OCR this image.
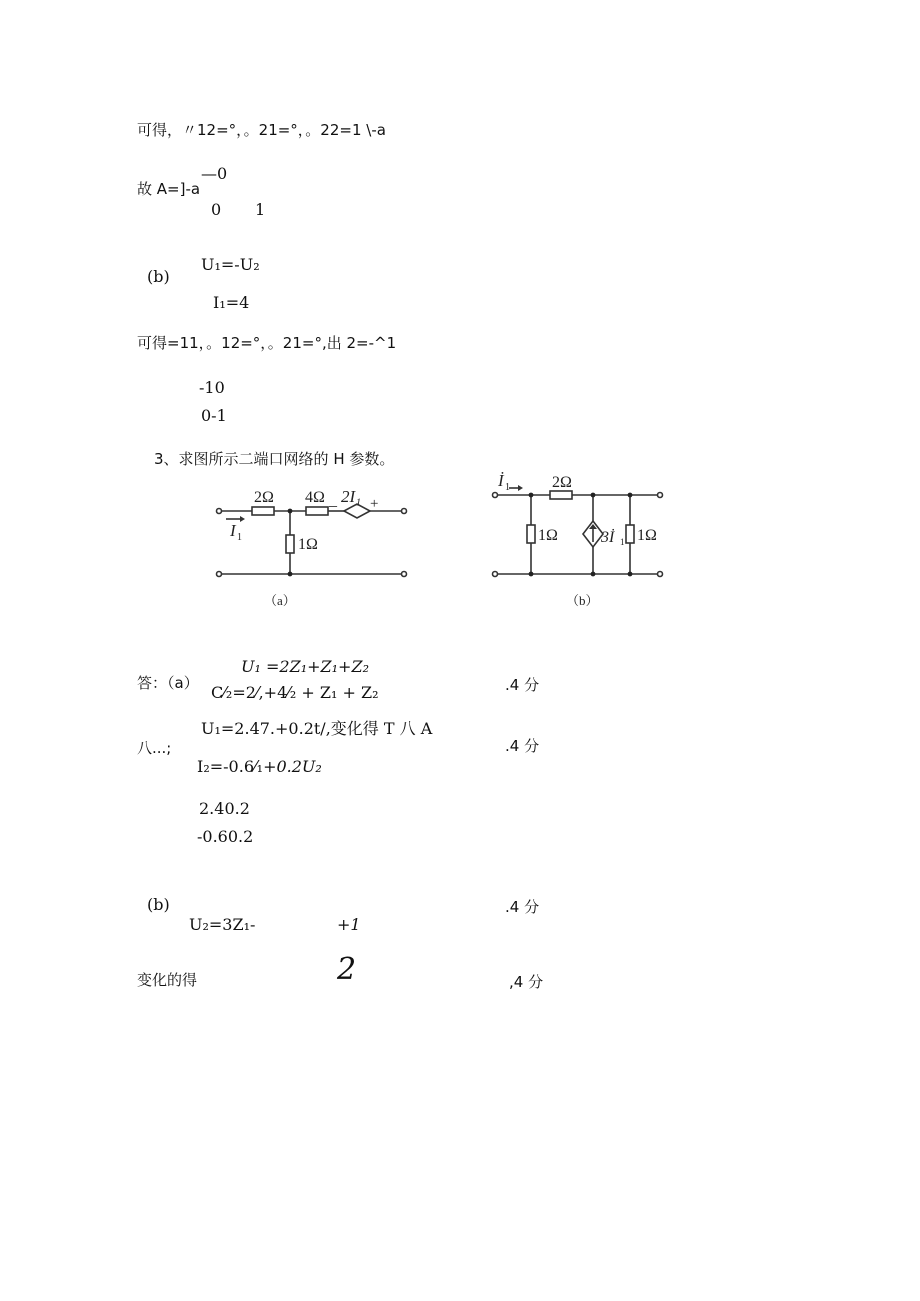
可得，〃12=°，。21=°，。22=1 \-a
—0
故 A=]-a
0 1
(b)
U₁=-U₂
I₁=4
可得=11，。12=°，。21=°,出 2=-^1
-10
0-1
3、求图所示二端口网络的 H 参数。
2Ω 4Ω _ 2I₁ +
1Ω
I 1
（a）
İ 1	2Ω
1Ω	3İ 1 1Ω
（b）
答：（a）
U₁ =2Z₁+Z₁+Z₂
C⁄₂=2⁄,+4⁄₂ + Z₁ + Z₂	.4 分
U₁=2.47.+0.2t/,变化得 T 八 A
八...;	.4 分
I₂=-0.6⁄₁+0.2U₂
2.40.2
-0.60.2
(b)	.4 分
U₂=3Z₁-	+1
变化的得	2	,4 分
